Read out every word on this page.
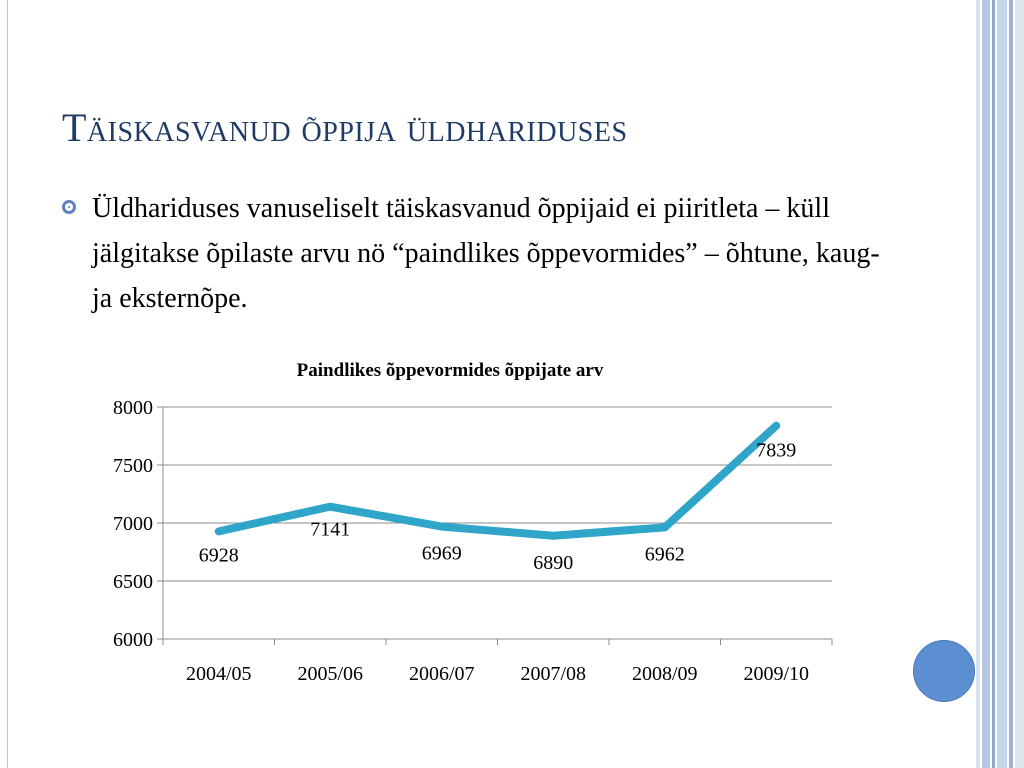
Täiskasvanud õppija üldhariduses

Üldhariduses vanuseliselt täiskasvanud õppijaid ei piiritleta – küll jälgitakse õpilaste arvu nö “paindlikes õppevormides” – õhtune, kaug- ja eksternõpe.

Paindlikes õppevormides õppijate arv
6000
6500
7000
7500
8000
2004/05 2005/06 2006/07 2007/08 2008/09 2009/10
6928
7141
6969	6890	6962
7839
